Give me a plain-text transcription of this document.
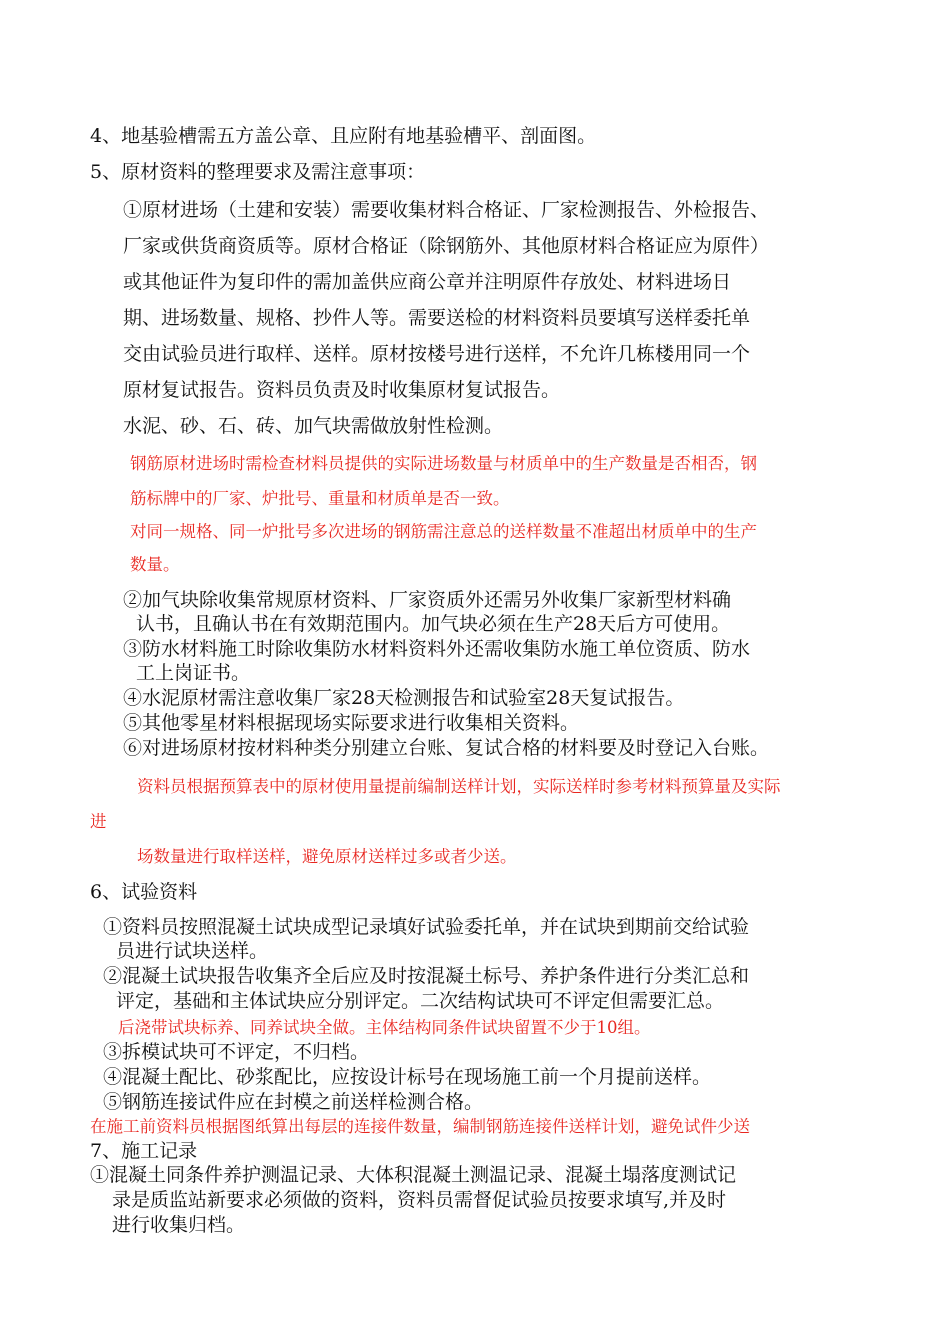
4、地基验槽需五方盖公章、且应附有地基验槽平、剖面图。
5、原材资料的整理要求及需注意事项：
①原材进场（土建和安装）需要收集材料合格证、厂家检测报告、外检报告、
厂家或供货商资质等。原材合格证（除钢筋外、其他原材料合格证应为原件）
或其他证件为复印件的需加盖供应商公章并注明原件存放处、材料进场日
期、进场数量、规格、抄件人等。需要送检的材料资料员要填写送样委托单
交由试验员进行取样、送样。原材按楼号进行送样，不允许几栋楼用同一个
原材复试报告。资料员负责及时收集原材复试报告。
水泥、砂、石、砖、加气块需做放射性检测。
钢筋原材进场时需检查材料员提供的实际进场数量与材质单中的生产数量是否相否，钢
筋标牌中的厂家、炉批号、重量和材质单是否一致。
对同一规格、同一炉批号多次进场的钢筋需注意总的送样数量不准超出材质单中的生产
数量。
②加气块除收集常规原材资料、厂家资质外还需另外收集厂家新型材料确
认书，且确认书在有效期范围内。加气块必须在生产28天后方可使用。
③防水材料施工时除收集防水材料资料外还需收集防水施工单位资质、防水
工上岗证书。
④水泥原材需注意收集厂家28天检测报告和试验室28天复试报告。
⑤其他零星材料根据现场实际要求进行收集相关资料。
⑥对进场原材按材料种类分别建立台账、复试合格的材料要及时登记入台账。
资料员根据预算表中的原材使用量提前编制送样计划，实际送样时参考材料预算量及实际
进
场数量进行取样送样，避免原材送样过多或者少送。
6、试验资料
①资料员按照混凝土试块成型记录填好试验委托单，并在试块到期前交给试验
员进行试块送样。
②混凝土试块报告收集齐全后应及时按混凝土标号、养护条件进行分类汇总和
评定，基础和主体试块应分别评定。二次结构试块可不评定但需要汇总。
后浇带试块标养、同养试块全做。主体结构同条件试块留置不少于10组。
③拆模试块可不评定，不归档。
④混凝土配比、砂浆配比，应按设计标号在现场施工前一个月提前送样。
⑤钢筋连接试件应在封模之前送样检测合格。
在施工前资料员根据图纸算出每层的连接件数量，编制钢筋连接件送样计划，避免试件少送
7、施工记录
①混凝土同条件养护测温记录、大体积混凝土测温记录、混凝土塌落度测试记
录是质监站新要求必须做的资料，资料员需督促试验员按要求填写,并及时
进行收集归档。
